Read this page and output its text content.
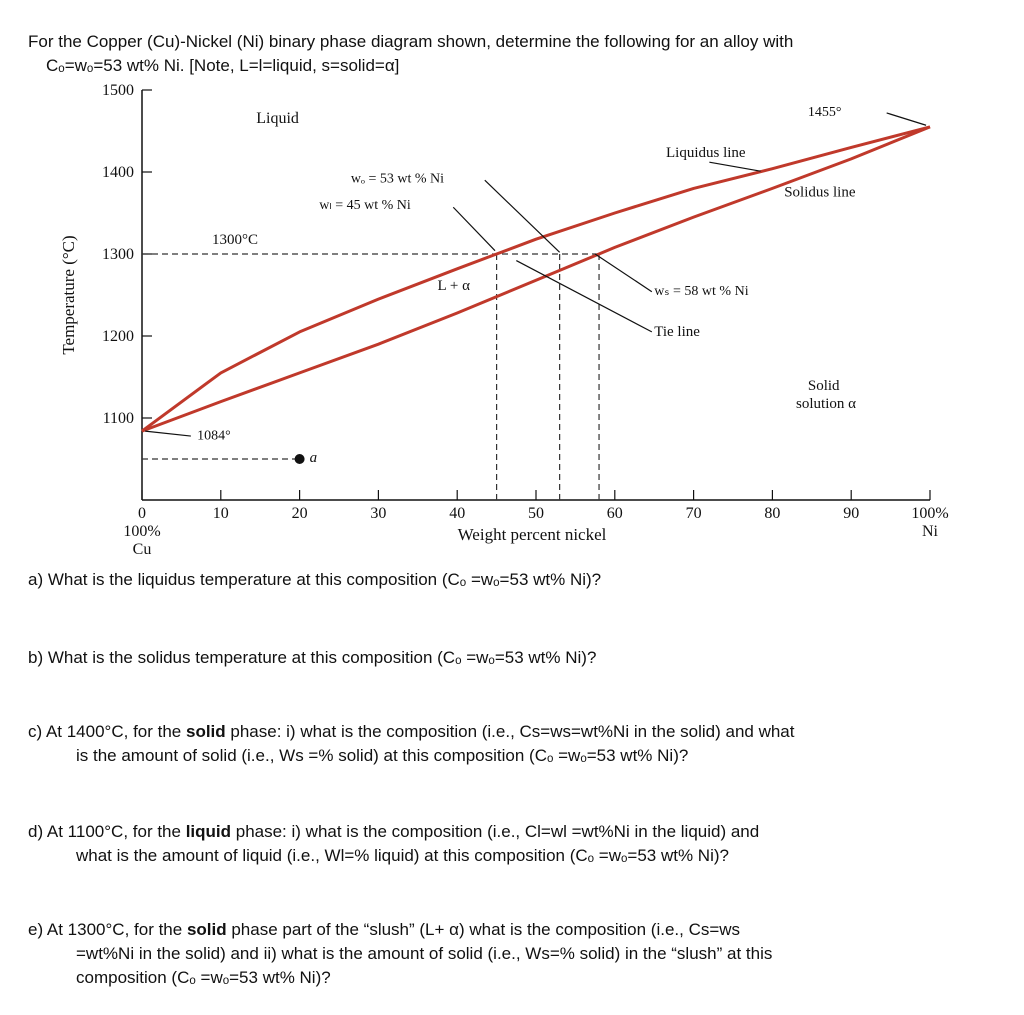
For the Copper (Cu)-Nickel (Ni) binary phase diagram shown, determine the following for an alloy with
Cₒ=wₒ=53 wt% Ni. [Note, L=l=liquid, s=solid=α]
1100
1200
1300
1400
1500
0	10	20	30	40	50	60	70	80	90	100%
100%
Cu
Ni
Weight percent nickel
Temperature (°C)	1300°C
a
Liquid
Liquidus line
Solidus line
L + α
wₒ = 53 wt % Ni
wₗ = 45 wt % Ni
wₛ = 58 wt % Ni
Tie line
Solid
solution α
1455°
1084°
a) What is the liquidus temperature at this composition (Cₒ =wₒ=53 wt% Ni)?
b) What is the solidus temperature at this composition (Cₒ =wₒ=53 wt% Ni)?
c) At 1400°C, for the solid phase: i) what is the composition (i.e., Cs=ws=wt%Ni in the solid) and what
is the amount of solid (i.e., Ws =% solid) at this composition (Cₒ =wₒ=53 wt% Ni)?
d) At 1100°C, for the liquid phase: i) what is the composition (i.e., Cl=wl =wt%Ni in the liquid) and
what is the amount of liquid (i.e., Wl=% liquid) at this composition (Cₒ =wₒ=53 wt% Ni)?
e) At 1300°C, for the solid phase part of the “slush” (L+ α) what is the composition (i.e., Cs=ws
=wt%Ni in the solid) and ii) what is the amount of solid (i.e., Ws=% solid) in the “slush” at this
composition (Cₒ =wₒ=53 wt% Ni)?
